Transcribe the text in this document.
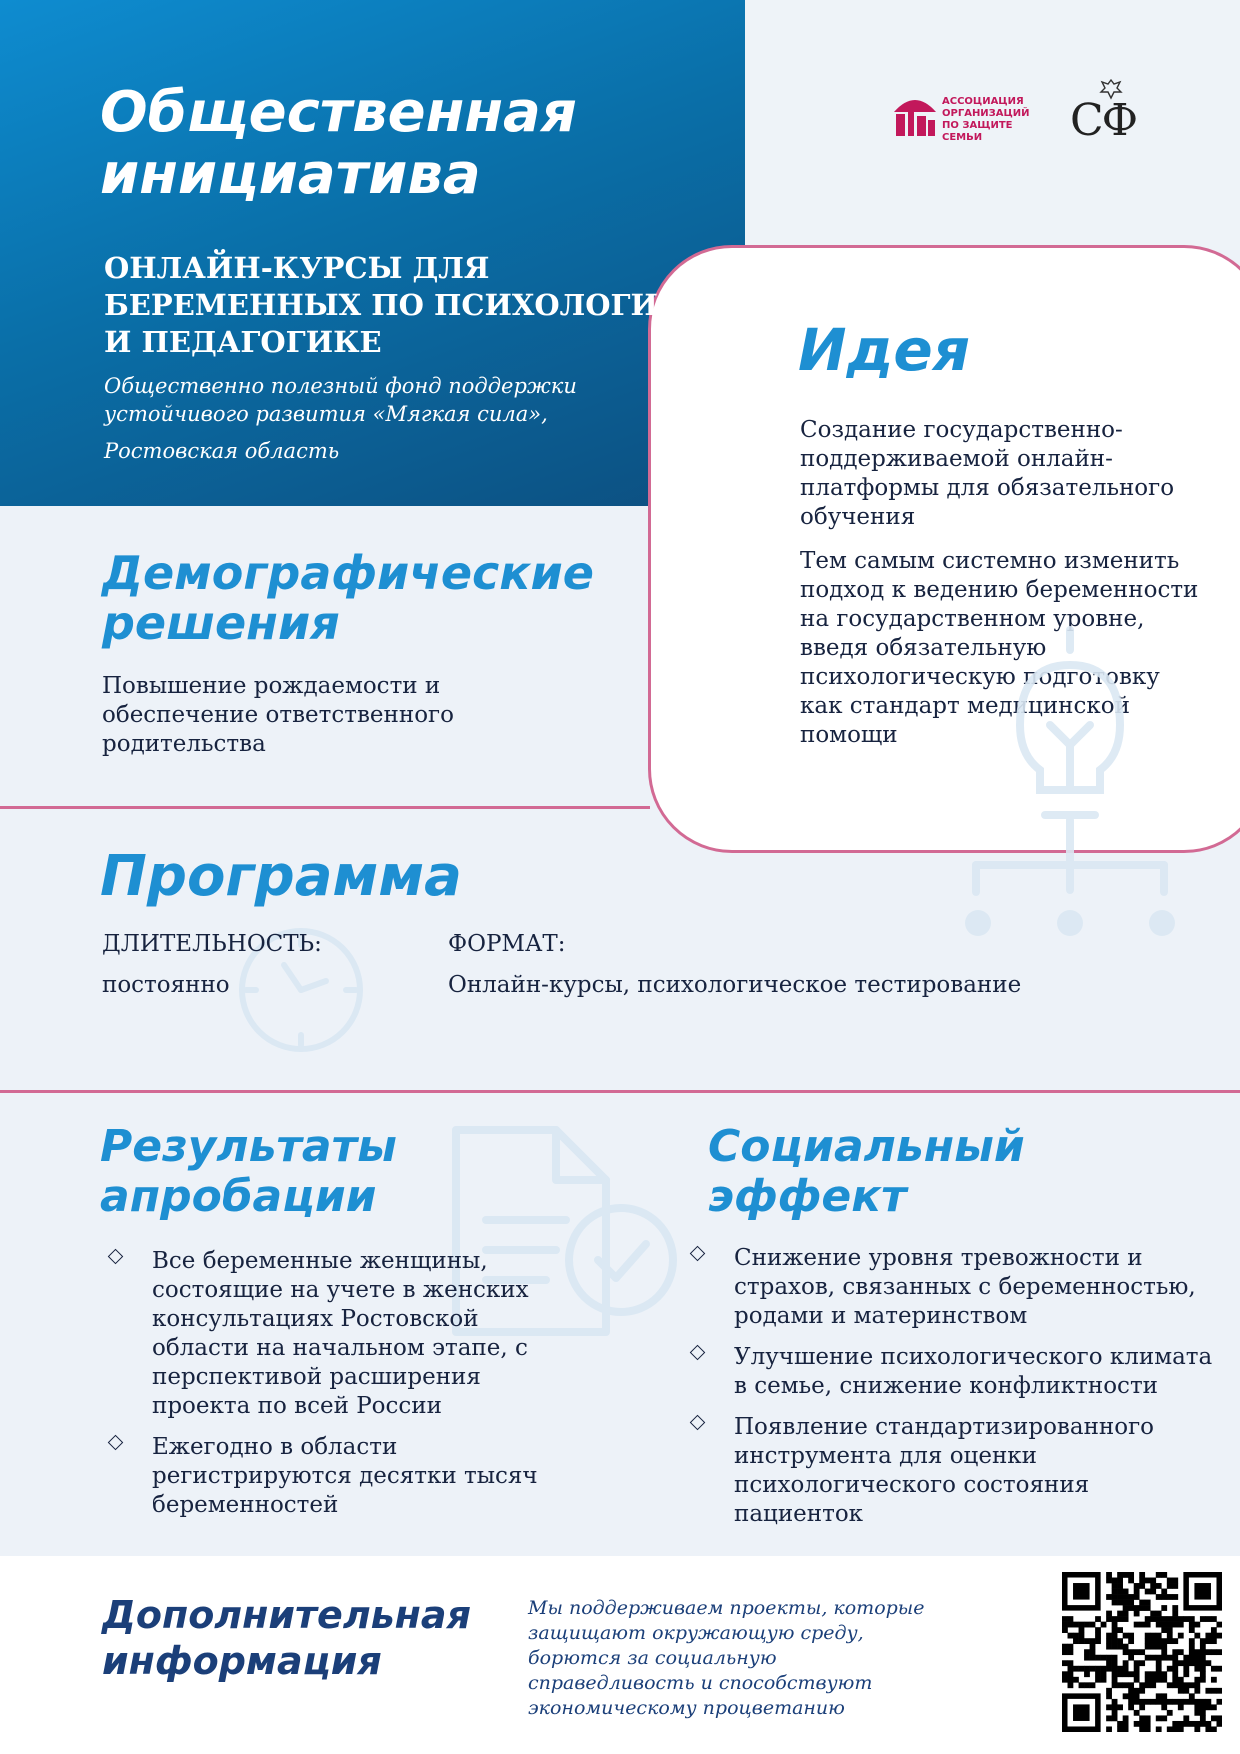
Общественная
инициатива
ОНЛАЙН-КУРСЫ ДЛЯ
БЕРЕМЕННЫХ ПО ПСИХОЛОГИИ
И ПЕДАГОГИКЕ
Общественно полезный фонд поддержки
устойчивого развития «Мягкая сила»,
Ростовская область
АССОЦИАЦИЯ
ОРГАНИЗАЦИЙ
ПО ЗАЩИТЕ СЕМЬИ	СФ
Идея
Создание государственно-поддерживаемой онлайн-платформы для обязательного обучения
Тем самым системно изменить подход к ведению беременности на государственном уровне, введя обязательную психологическую подготовку как стандарт медицинской помощи
Демографические
решения
Повышение рождаемости и обеспечение ответственного родительства
Программа
ДЛИТЕЛЬНОСТЬ:
постоянно
ФОРМАТ:
Онлайн-курсы, психологическое тестирование
Результаты
апробации
Все беременные женщины, состоящие на учете в женских консультациях Ростовской области на начальном этапе, с перспективой расширения проекта по всей России
Ежегодно в области регистрируются десятки тысяч беременностей
Социальный
эффект
Снижение уровня тревожности и страхов, связанных с беременностью, родами и материнством
Улучшение психологического климата в семье, снижение конфликтности
Появление стандартизированного инструмента для оценки психологического состояния пациенток
Дополнительная
информация
Мы поддерживаем проекты, которые защищают окружающую среду, борются за социальную справедливость и способствуют экономическому процветанию
